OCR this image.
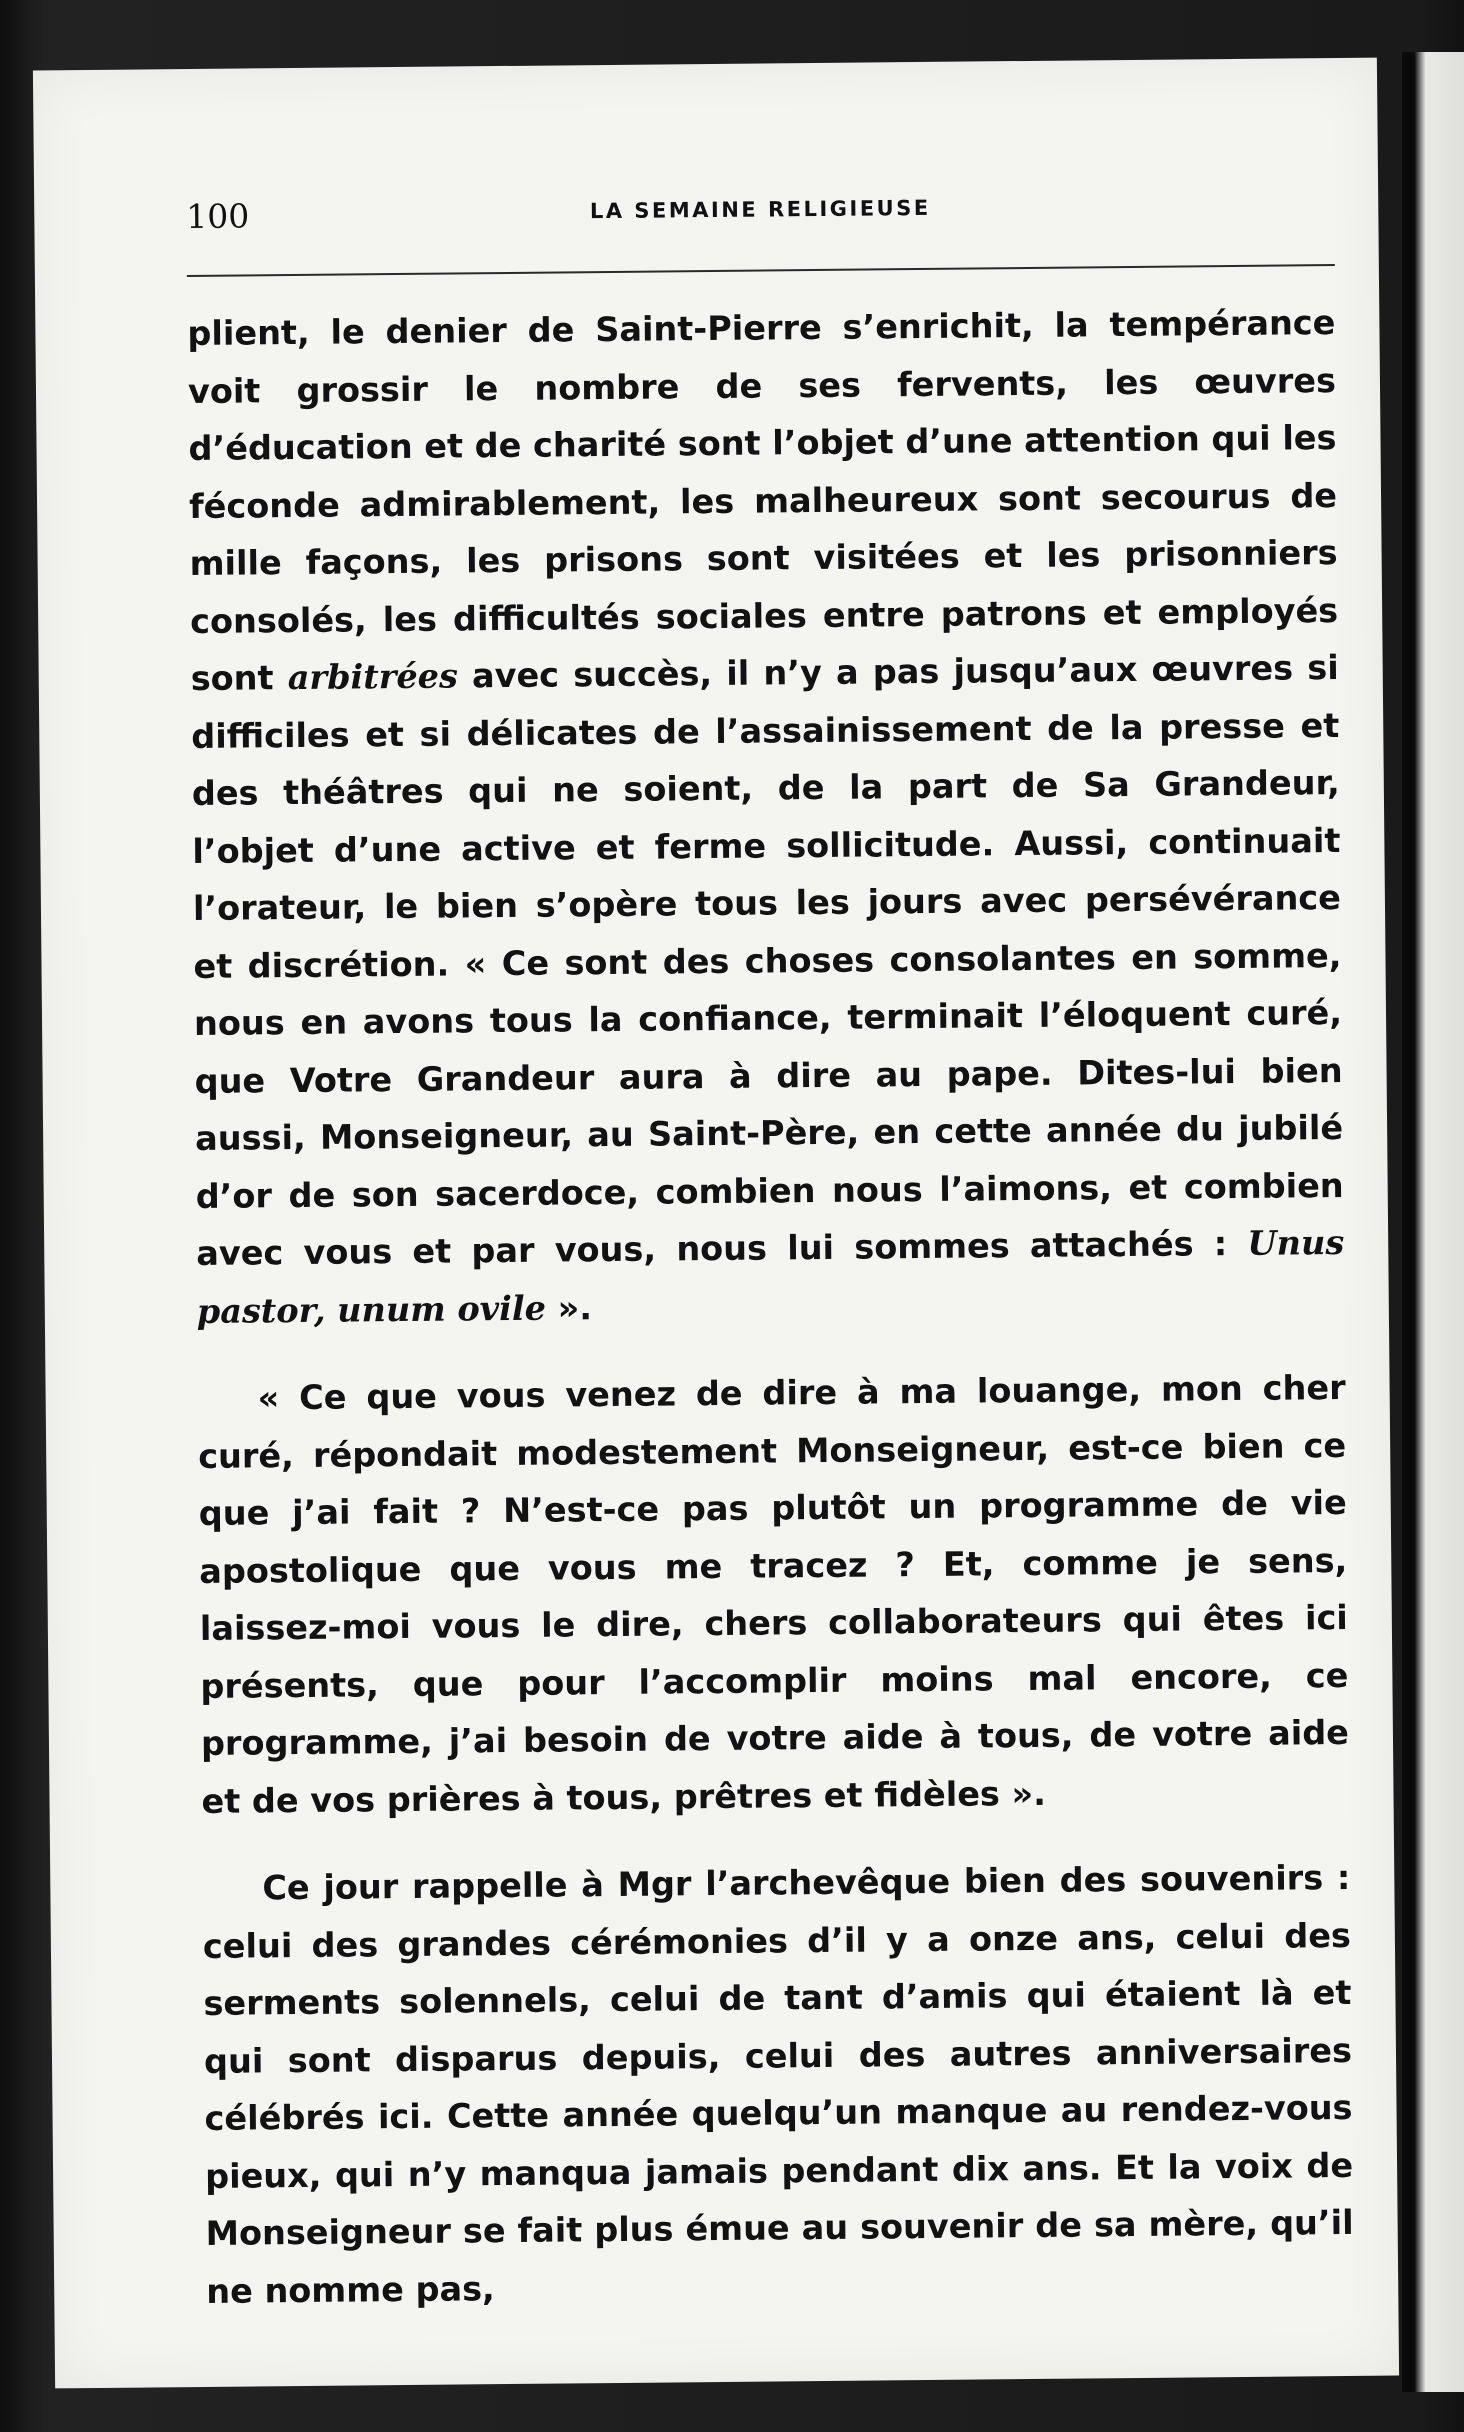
100	LA SEMAINE RELIGIEUSE

plient, le denier de Saint-Pierre s’enrichit, la tempérance voit grossir le nombre de ses fervents, les œuvres d’éducation et de charité sont l’objet d’une attention qui les féconde admirablement, les malheureux sont secourus de mille façons, les prisons sont visitées et les prisonniers consolés, les difficultés sociales entre patrons et employés sont arbitrées avec succès, il n’y a pas jusqu’aux œuvres si difficiles et si délicates de l’assainissement de la presse et des théâtres qui ne soient, de la part de Sa Grandeur, l’objet d’une active et ferme sollicitude. Aussi, continuait l’orateur, le bien s’opère tous les jours avec persévérance et discrétion. « Ce sont des choses consolantes en somme, nous en avons tous la confiance, terminait l’éloquent curé, que Votre Grandeur aura à dire au pape. Dites-lui bien aussi, Monseigneur, au Saint-Père, en cette année du jubilé d’or de son sacerdoce, combien nous l’aimons, et combien avec vous et par vous, nous lui sommes attachés : Unus pastor, unum ovile ».

« Ce que vous venez de dire à ma louange, mon cher curé, répondait modestement Monseigneur, est-ce bien ce que j’ai fait ? N’est-ce pas plutôt un programme de vie apostolique que vous me tracez ? Et, comme je sens, laissez-moi vous le dire, chers collaborateurs qui êtes ici présents, que pour l’accomplir moins mal encore, ce programme, j’ai besoin de votre aide à tous, de votre aide et de vos prières à tous, prêtres et fidèles ».

Ce jour rappelle à Mgr l’archevêque bien des souvenirs : celui des grandes cérémonies d’il y a onze ans, celui des serments solennels, celui de tant d’amis qui étaient là et qui sont disparus depuis, celui des autres anniversaires célébrés ici. Cette année quelqu’un manque au rendez-vous pieux, qui n’y manqua jamais pendant dix ans. Et la voix de Monseigneur se fait plus émue au souvenir de sa mère, qu’il ne nomme pas,
